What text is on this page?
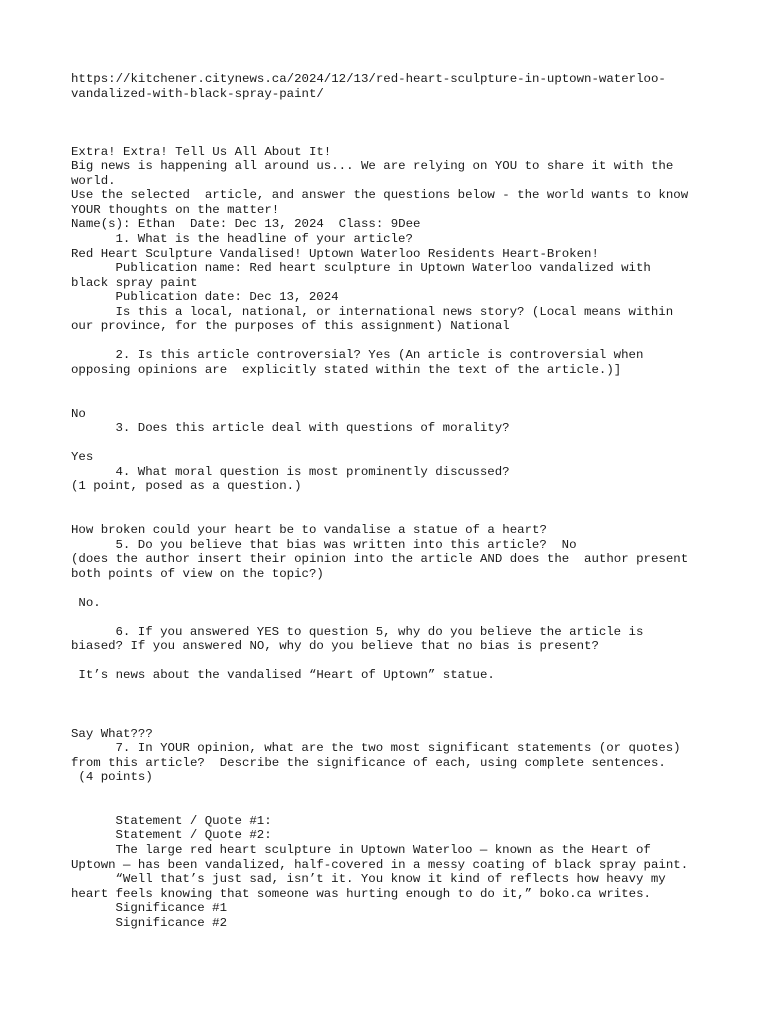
https://kitchener.citynews.ca/2024/12/13/red-heart-sculpture-in-uptown-waterloo-
vandalized-with-black-spray-paint/
Extra! Extra! Tell Us All About It!
Big news is happening all around us... We are relying on YOU to share it with the
world.
Use the selected  article, and answer the questions below - the world wants to know
YOUR thoughts on the matter!
Name(s): Ethan  Date: Dec 13, 2024  Class: 9Dee
1. What is the headline of your article?
Red Heart Sculpture Vandalised! Uptown Waterloo Residents Heart-Broken!
Publication name: Red heart sculpture in Uptown Waterloo vandalized with
black spray paint
Publication date: Dec 13, 2024
Is this a local, national, or international news story? (Local means within
our province, for the purposes of this assignment) National
2. Is this article controversial? Yes (An article is controversial when
opposing opinions are  explicitly stated within the text of the article.)]
No
3. Does this article deal with questions of morality?
Yes
4. What moral question is most prominently discussed?
(1 point, posed as a question.)
How broken could your heart be to vandalise a statue of a heart?
5. Do you believe that bias was written into this article?  No
(does the author insert their opinion into the article AND does the  author present
both points of view on the topic?)
No.
6. If you answered YES to question 5, why do you believe the article is
biased? If you answered NO, why do you believe that no bias is present?
It’s news about the vandalised “Heart of Uptown” statue.
Say What???
7. In YOUR opinion, what are the two most significant statements (or quotes)
from this article?  Describe the significance of each, using complete sentences.
(4 points)
Statement / Quote #1:
Statement / Quote #2:
The large red heart sculpture in Uptown Waterloo — known as the Heart of
Uptown — has been vandalized, half-covered in a messy coating of black spray paint.
“Well that’s just sad, isn’t it. You know it kind of reflects how heavy my
heart feels knowing that someone was hurting enough to do it,” boko.ca writes.
Significance #1
Significance #2
